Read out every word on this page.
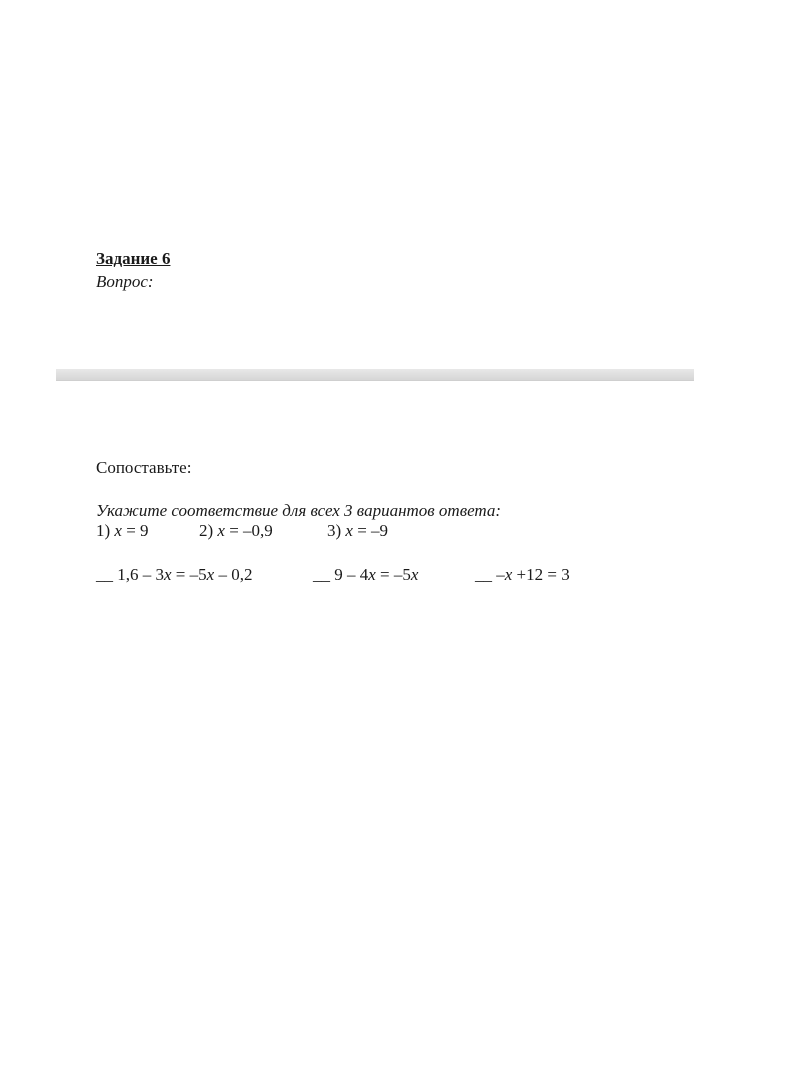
Задание 6
Вопрос:
Сопоставьте:
Укажите соответствие для всех 3 вариантов ответа:
1) x = 9	2) x = –0,9	3) x = –9
__ 1,6 – 3x = –5x – 0,2	__ 9 – 4x = –5x	__ –x +12 = 3
